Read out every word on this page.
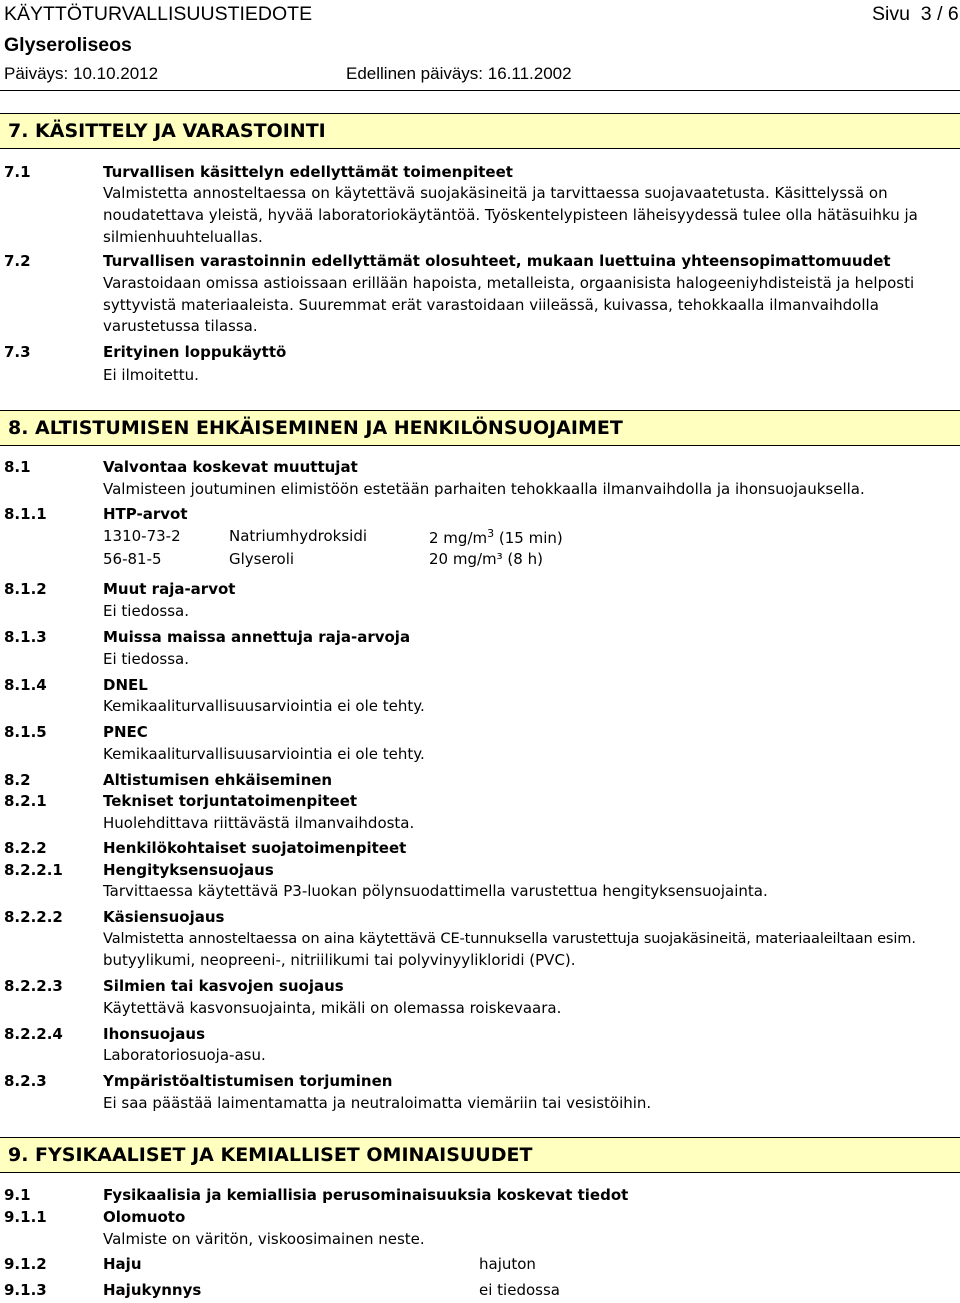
KÄYTTÖTURVALLISUUSTIEDOTE	Sivu 3 / 6
Glyseroliseos
Päiväys: 10.10.2012	Edellinen päiväys: 16.11.2002
7. KÄSITTELY JA VARASTOINTI
7.1	Turvallisen käsittelyn edellyttämät toimenpiteet
Valmistetta annosteltaessa on käytettävä suojakäsineitä ja tarvittaessa suojavaatetusta. Käsittelyssä on
noudatettava yleistä, hyvää laboratoriokäytäntöä. Työskentelypisteen läheisyydessä tulee olla hätäsuihku ja
silmienhuuhteluallas.
7.2	Turvallisen varastoinnin edellyttämät olosuhteet, mukaan luettuina yhteensopimattomuudet
Varastoidaan omissa astioissaan erillään hapoista, metalleista, orgaanisista halogeeniyhdisteistä ja helposti
syttyvistä materiaaleista. Suuremmat erät varastoidaan viileässä, kuivassa, tehokkaalla ilmanvaihdolla
varustetussa tilassa.
7.3	Erityinen loppukäyttö
Ei ilmoitettu.
8. ALTISTUMISEN EHKÄISEMINEN JA HENKILÖNSUOJAIMET
8.1	Valvontaa koskevat muuttujat
Valmisteen joutuminen elimistöön estetään parhaiten tehokkaalla ilmanvaihdolla ja ihonsuojauksella.
8.1.1	HTP-arvot
1310-73-2	Natriumhydroksidi	2 $mg/m^3$ (15 min)
56-81-5	Glyseroli	20 mg/m³ (8 h)
8.1.2	Muut raja-arvot
Ei tiedossa.
8.1.3	Muissa maissa annettuja raja-arvoja
Ei tiedossa.
8.1.4	DNEL
Kemikaaliturvallisuusarviointia ei ole tehty.
8.1.5	PNEC
Kemikaaliturvallisuusarviointia ei ole tehty.
8.2	Altistumisen ehkäiseminen
8.2.1	Tekniset torjuntatoimenpiteet
Huolehdittava riittävästä ilmanvaihdosta.
8.2.2	Henkilökohtaiset suojatoimenpiteet
8.2.2.1	Hengityksensuojaus
Tarvittaessa käytettävä P3-luokan pölynsuodattimella varustettua hengityksensuojainta.
8.2.2.2	Käsiensuojaus
Valmistetta annosteltaessa on aina käytettävä CE-tunnuksella varustettuja suojakäsineitä, materiaaleiltaan esim.
butyylikumi, neopreeni-, nitriilikumi tai polyvinyylikloridi (PVC).
8.2.2.3	Silmien tai kasvojen suojaus
Käytettävä kasvonsuojainta, mikäli on olemassa roiskevaara.
8.2.2.4	Ihonsuojaus
Laboratoriosuoja-asu.
8.2.3	Ympäristöaltistumisen torjuminen
Ei saa päästää laimentamatta ja neutraloimatta viemäriin tai vesistöihin.
9. FYSIKAALISET JA KEMIALLISET OMINAISUUDET
9.1	Fysikaalisia ja kemiallisia perusominaisuuksia koskevat tiedot
9.1.1	Olomuoto
Valmiste on väritön, viskoosimainen neste.
9.1.2	Haju	hajuton
9.1.3	Hajukynnys	ei tiedossa
